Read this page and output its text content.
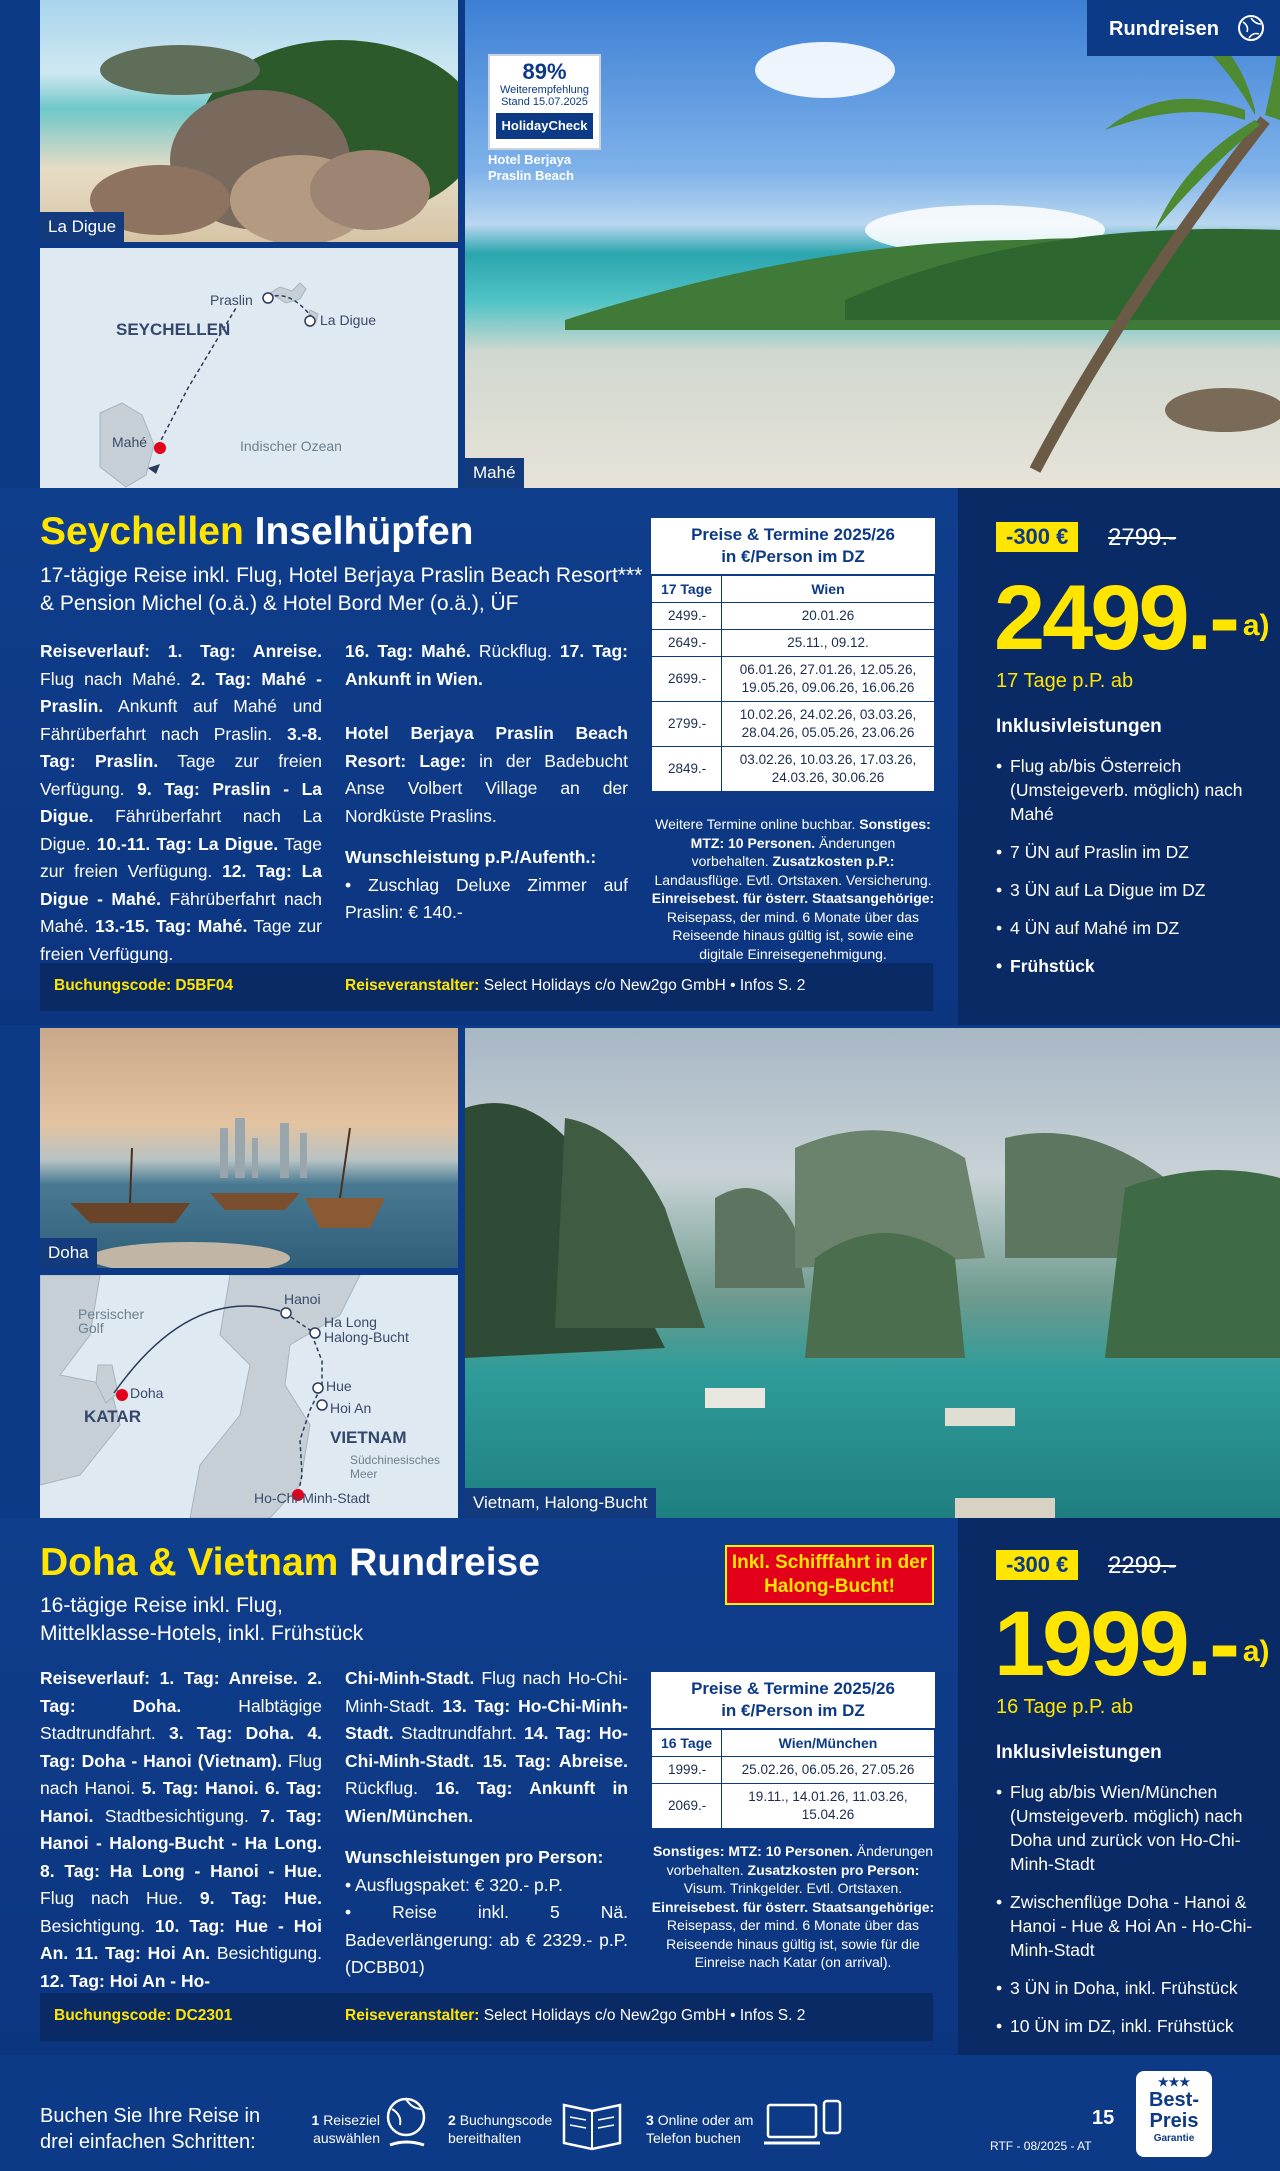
La Digue
Praslin
La Digue
SEYCHELLEN
Mahé	Indischer Ozean
89%
Weiterempfehlung
Stand 15.07.2025
HolidayCheck
Hotel Berjaya
Praslin Beach
Rundreisen
Mahé
Seychellen Inselhüpfen
17-tägige Reise inkl. Flug, Hotel Berjaya Praslin Beach Resort*** & Pension Michel (o.ä.) & Hotel Bord Mer (o.ä.), ÜF
Reiseverlauf: 1. Tag: Anreise. Flug nach Mahé. 2. Tag: Mahé - Praslin. Ankunft auf Mahé und Fährüberfahrt nach Praslin. 3.-8. Tag: Praslin. Tage zur freien Verfügung. 9. Tag: Praslin - La Digue. Fährüberfahrt nach La Digue. 10.-11. Tag: La Digue. Tage zur freien Verfügung. 12. Tag: La Digue - Mahé. Fährüberfahrt nach Mahé. 13.-15. Tag: Mahé. Tage zur freien Verfügung.
16. Tag: Mahé. Rückflug. 17. Tag: Ankunft in Wien.
Hotel Berjaya Praslin Beach Resort: Lage: in der Badebucht Anse Volbert Village an der Nordküste Praslins.
Wunschleistung p.P./Aufenth.:
• Zuschlag Deluxe Zimmer auf Praslin: € 140.-
Preise & Termine 2025/26
in €/Person im DZ
17 Tage	Wien
2499.-	20.01.26
2649.-	25.11., 09.12.
2699.-	06.01.26, 27.01.26, 12.05.26, 19.05.26, 09.06.26, 16.06.26
2799.-	10.02.26, 24.02.26, 03.03.26, 28.04.26, 05.05.26, 23.06.26
2849.-	03.02.26, 10.03.26, 17.03.26, 24.03.26, 30.06.26
Weitere Termine online buchbar. Sonstiges: MTZ: 10 Personen. Änderungen vorbehalten. Zusatzkosten p.P.: Landausflüge. Evtl. Ortstaxen. Versicherung. Einreisebest. für österr. Staatsangehörige: Reisepass, der mind. 6 Monate über das Reiseende hinaus gültig ist, sowie eine digitale Einreisegenehmigung.
Buchungscode: D5BF04	Reiseveranstalter: Select Holidays c/o New2go GmbH • Infos S. 2
-300 €	2799.-
2499.- $^{a)}$
17 Tage p.P. ab
Inklusivleistungen
• Flug ab/bis Österreich (Umsteigeverb. möglich) nach Mahé
• 7 ÜN auf Praslin im DZ
• 3 ÜN auf La Digue im DZ
• 4 ÜN auf Mahé im DZ
• Frühstück
Doha
Persischer
Golf
Doha
KATAR
Hanoi
Ha Long
Halong-Bucht
Hue
Hoi An
VIETNAM
Südchinesisches
Meer
Ho-Chi-Minh-Stadt	Vietnam, Halong-Bucht
Doha & Vietnam Rundreise
16-tägige Reise inkl. Flug, Mittelklasse-Hotels, inkl. Frühstück
Inkl. Schifffahrt in der Halong-Bucht!
Reiseverlauf: 1. Tag: Anreise. 2. Tag: Doha. Halbtägige Stadtrundfahrt. 3. Tag: Doha. 4. Tag: Doha - Hanoi (Vietnam). Flug nach Hanoi. 5. Tag: Hanoi. 6. Tag: Hanoi. Stadtbesichtigung. 7. Tag: Hanoi - Halong-Bucht - Ha Long. 8. Tag: Ha Long - Hanoi - Hue. Flug nach Hue. 9. Tag: Hue. Besichtigung. 10. Tag: Hue - Hoi An. 11. Tag: Hoi An. Besichtigung. 12. Tag: Hoi An - Ho-
Chi-Minh-Stadt. Flug nach Ho-Chi-Minh-Stadt. 13. Tag: Ho-Chi-Minh-Stadt. Stadtrundfahrt. 14. Tag: Ho-Chi-Minh-Stadt. 15. Tag: Abreise. Rückflug. 16. Tag: Ankunft in Wien/München.
Wunschleistungen pro Person:
• Ausflugspaket: € 320.- p.P.
• Reise inkl. 5 Nä. Badeverlängerung: ab € 2329.- p.P. (DCBB01)
Preise & Termine 2025/26
in €/Person im DZ
16 Tage	Wien/München
1999.-	25.02.26, 06.05.26, 27.05.26
2069.-	19.11., 14.01.26, 11.03.26, 15.04.26
Sonstiges: MTZ: 10 Personen. Änderungen vorbehalten. Zusatzkosten pro Person: Visum. Trinkgelder. Evtl. Ortstaxen. Einreisebest. für österr. Staatsangehörige: Reisepass, der mind. 6 Monate über das Reiseende hinaus gültig ist, sowie für die Einreise nach Katar (on arrival).
Buchungscode: DC2301	Reiseveranstalter: Select Holidays c/o New2go GmbH • Infos S. 2
-300 €	2299.-
1999.- $^{a)}$
16 Tage p.P. ab
Inklusivleistungen
• Flug ab/bis Wien/München (Umsteigeverb. möglich) nach Doha und zurück von Ho-Chi-Minh-Stadt
• Zwischenflüge Doha - Hanoi & Hanoi - Hue & Hoi An - Ho-Chi-Minh-Stadt
• 3 ÜN in Doha, inkl. Frühstück
• 10 ÜN im DZ, inkl. Frühstück
Buchen Sie Ihre Reise in drei einfachen Schritten:
1 Reiseziel auswählen
2 Buchungscode bereithalten
3 Online oder am Telefon buchen
15
RTF - 08/2025 - AT
★★★
Best-
Preis
Garantie
